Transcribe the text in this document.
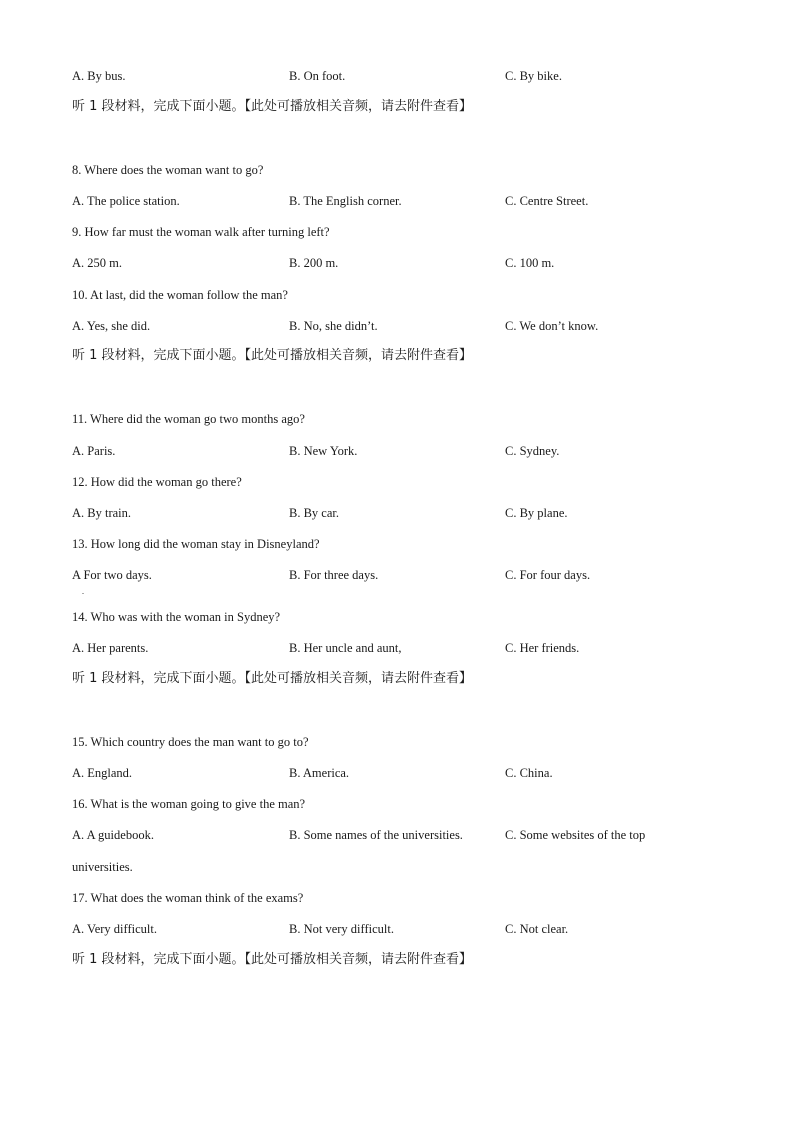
A. By bus.	B. On foot.	C. By bike.
听 1 段材料，完成下面小题。【此处可播放相关音频，请去附件查看】
8. Where does the woman want to go?
A. The police station.	B. The English corner.	C. Centre Street.
9. How far must the woman walk after turning left?
A. 250 m.	B. 200 m.	C. 100 m.
10. At last, did the woman follow the man?
A. Yes, she did.	B. No, she didn’t.	C. We don’t know.
听 1 段材料，完成下面小题。【此处可播放相关音频，请去附件查看】
11. Where did the woman go two months ago?
A. Paris.	B. New York.	C. Sydney.
12. How did the woman go there?
A. By train.	B. By car.	C. By plane.
13. How long did the woman stay in Disneyland?
A For two days.	B. For three days.	C. For four days.
.
14. Who was with the woman in Sydney?
A. Her parents.	B. Her uncle and aunt,	C. Her friends.
听 1 段材料，完成下面小题。【此处可播放相关音频，请去附件查看】
15. Which country does the man want to go to?
A. England.	B. America.	C. China.
16. What is the woman going to give the man?
A. A guidebook.	B. Some names of the universities.	C. Some websites of the top
universities.
17. What does the woman think of the exams?
A. Very difficult.	B. Not very difficult.	C. Not clear.
听 1 段材料，完成下面小题。【此处可播放相关音频，请去附件查看】
